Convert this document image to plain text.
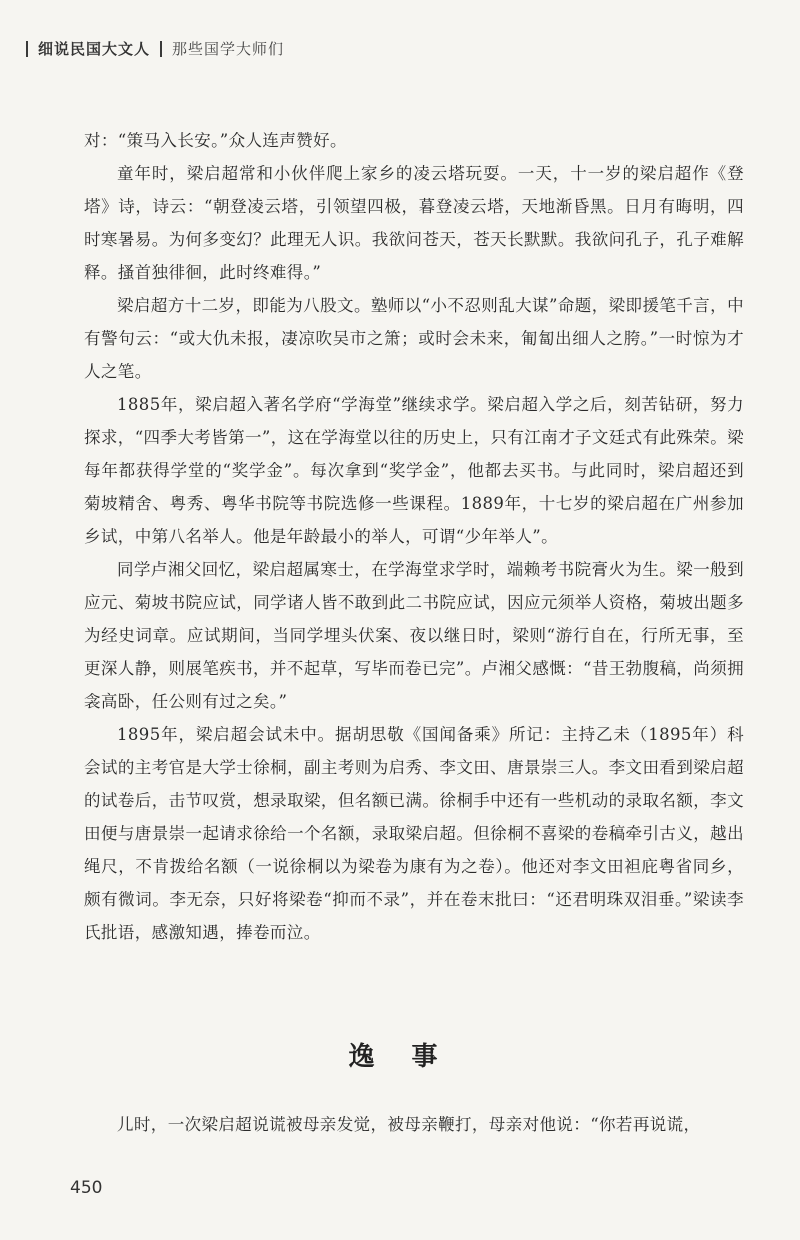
细说民国大文人 那些国学大师们

对：“策马入长安。”众人连声赞好。

童年时，梁启超常和小伙伴爬上家乡的凌云塔玩耍。一天，十一岁的梁启超作《登塔》诗，诗云：“朝登凌云塔，引领望四极，暮登凌云塔，天地渐昏黑。日月有晦明，四时寒暑易。为何多变幻？此理无人识。我欲问苍天，苍天长默默。我欲问孔子，孔子难解释。搔首独徘徊，此时终难得。”

梁启超方十二岁，即能为八股文。塾师以“小不忍则乱大谋”命题，梁即援笔千言，中有警句云：“或大仇未报，凄凉吹吴市之箫；或时会未来，匍匐出细人之胯。”一时惊为才人之笔。

1885年，梁启超入著名学府“学海堂”继续求学。梁启超入学之后，刻苦钻研，努力探求，“四季大考皆第一”，这在学海堂以往的历史上，只有江南才子文廷式有此殊荣。梁每年都获得学堂的“奖学金”。每次拿到“奖学金”，他都去买书。与此同时，梁启超还到菊坡精舍、粤秀、粤华书院等书院选修一些课程。1889年，十七岁的梁启超在广州参加乡试，中第八名举人。他是年龄最小的举人，可谓“少年举人”。

同学卢湘父回忆，梁启超属寒士，在学海堂求学时，端赖考书院膏火为生。梁一般到应元、菊坡书院应试，同学诸人皆不敢到此二书院应试，因应元须举人资格，菊坡出题多为经史词章。应试期间，当同学埋头伏案、夜以继日时，梁则“游行自在，行所无事，至更深人静，则展笔疾书，并不起草，写毕而卷已完”。卢湘父感慨：“昔王勃腹稿，尚须拥衾高卧，任公则有过之矣。”

1895年，梁启超会试未中。据胡思敬《国闻备乘》所记：主持乙未（1895年）科会试的主考官是大学士徐桐，副主考则为启秀、李文田、唐景崇三人。李文田看到梁启超的试卷后，击节叹赏，想录取梁，但名额已满。徐桐手中还有一些机动的录取名额，李文田便与唐景崇一起请求徐给一个名额，录取梁启超。但徐桐不喜梁的卷稿牵引古义，越出绳尺，不肯拨给名额（一说徐桐以为梁卷为康有为之卷）。他还对李文田袒庇粤省同乡，颇有微词。李无奈，只好将梁卷“抑而不录”，并在卷末批曰：“还君明珠双泪垂。”梁读李氏批语，感激知遇，捧卷而泣。

逸 事

儿时，一次梁启超说谎被母亲发觉，被母亲鞭打，母亲对他说：“你若再说谎，

450
